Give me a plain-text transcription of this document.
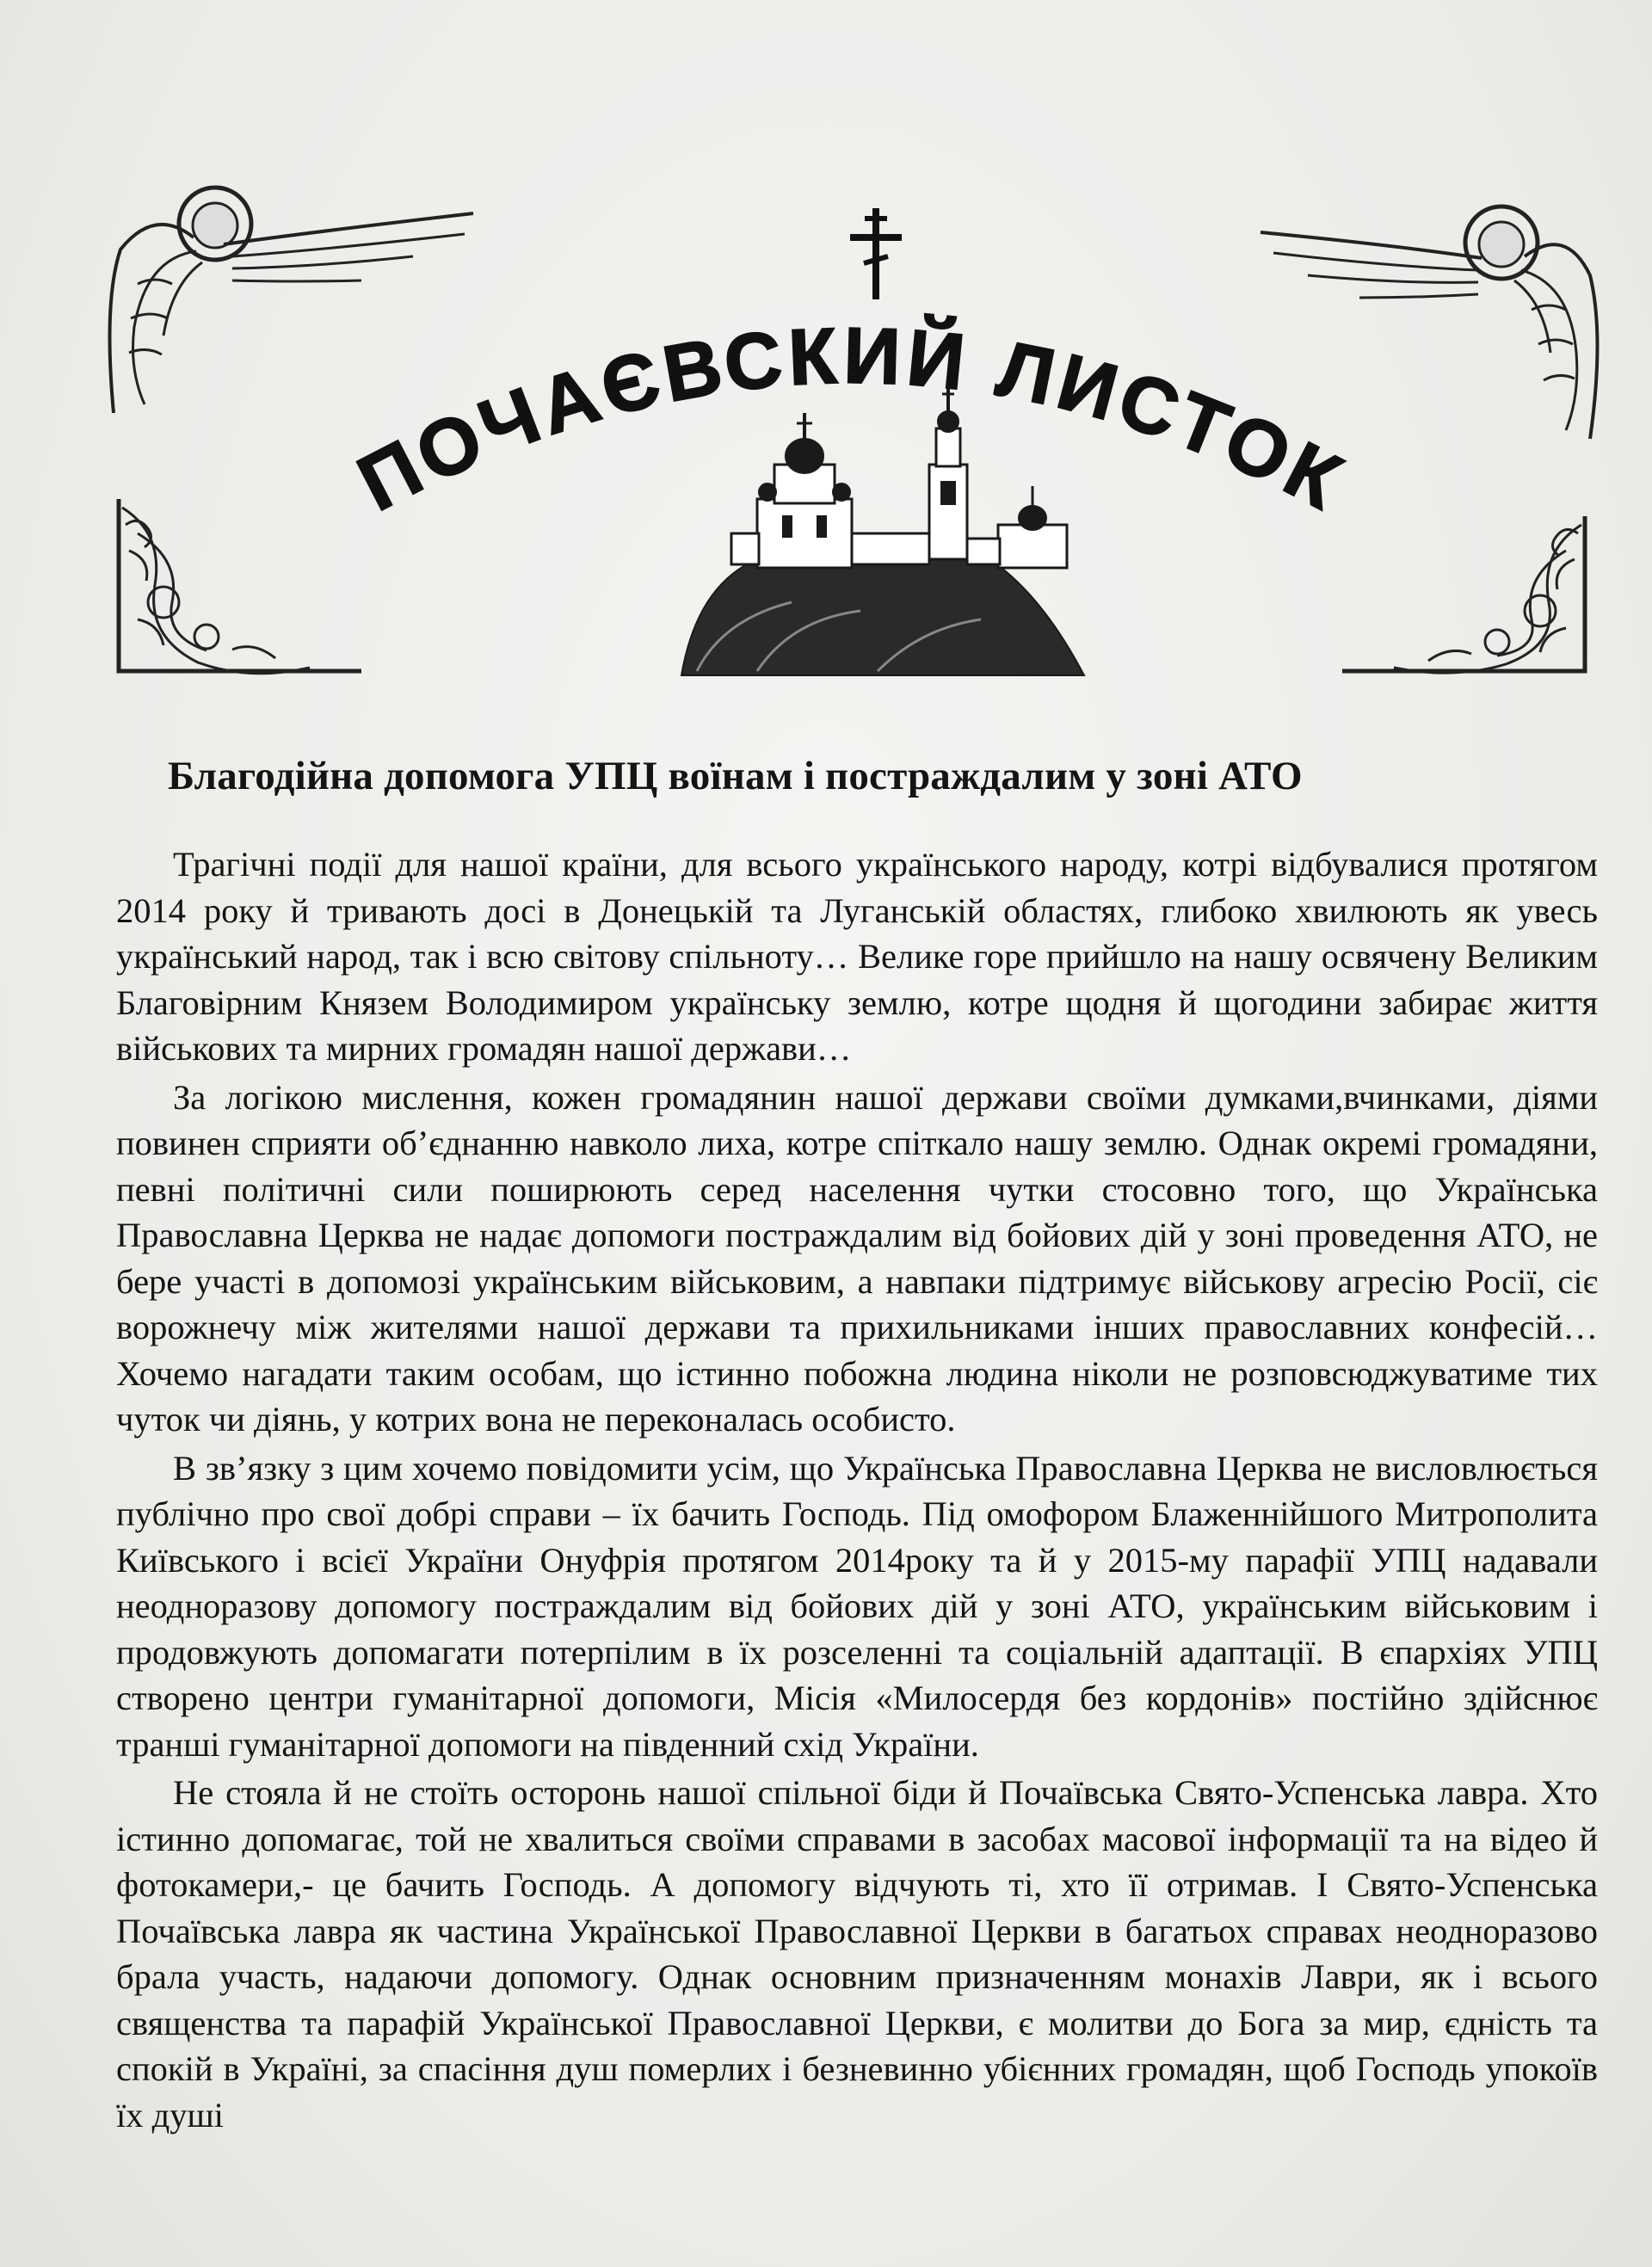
ПОЧАЄВСКИЙ ЛИСТОК
Благодійна допомога УПЦ воїнам і постраждалим у зоні АТО

Трагічні події для нашої країни, для всього українського народу, котрі відбувалися протягом 2014 року й тривають досі в Донецькій та Луганській областях, глибоко хвилюють як увесь український народ, так і всю світову спільноту… Велике горе прийшло на нашу освячену Великим Благовірним Князем Володимиром українську землю, котре щодня й щогодини забирає життя військових та мирних громадян нашої держави…

За логікою мислення, кожен громадянин нашої держави своїми думками,вчинками, діями повинен сприяти об’єднанню навколо лиха, котре спіткало нашу землю. Однак окремі громадяни, певні політичні сили поширюють серед населення чутки стосовно того, що Українська Православна Церква не надає допомоги постраждалим від бойових дій у зоні проведення АТО, не бере участі в допомозі українським військовим, а навпаки підтримує військову агресію Росії, сіє ворожнечу між жителями нашої держави та прихильниками інших православних конфесій… Хочемо нагадати таким особам, що істинно побожна людина ніколи не розповсюджуватиме тих чуток чи діянь, у котрих вона не переконалась особисто.

В зв’язку з цим хочемо повідомити усім, що Українська Православна Церква не висловлюється публічно про свої добрі справи – їх бачить Господь. Під омофором Блаженнійшого Митрополита Київського і всієї України Онуфрія протягом 2014року та й у 2015-му парафії УПЦ надавали неодноразову допомогу постраждалим від бойових дій у зоні АТО, українським військовим і продовжують допомагати потерпілим в їх розселенні та соціальній адаптації. В єпархіях УПЦ створено центри гуманітарної допомоги, Місія «Милосердя без кордонів» постійно здійснює транші гуманітарної допомоги на південний схід України.

Не стояла й не стоїть осторонь нашої спільної біди й Почаївська Свято-Успенська лавра. Хто істинно допомагає, той не хвалиться своїми справами в засобах масової інформації та на відео й фотокамери,- це бачить Господь. А допомогу відчують ті, хто її отримав. І Свято-Успенська Почаївська лавра як частина Української Православної Церкви в багатьох справах неодноразово брала участь, надаючи допомогу. Однак основним призначенням монахів Лаври, як і всього священства та парафій Української Православної Церкви, є молитви до Бога за мир, єдність та спокій в Україні, за спасіння душ померлих і безневинно убієнних громадян, щоб Господь упокоїв їх душі
